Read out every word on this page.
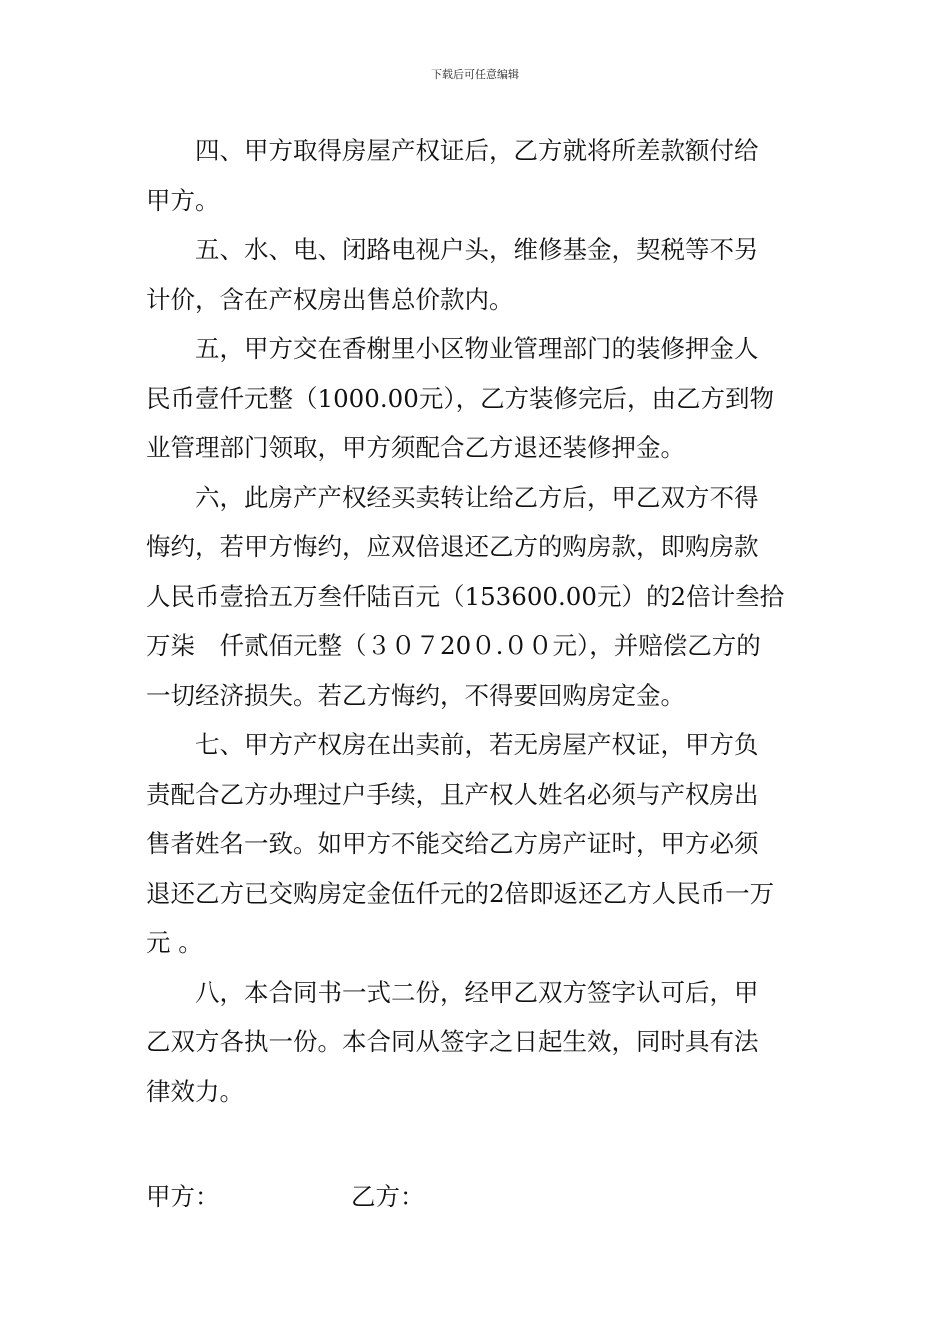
下载后可任意编辑
四、甲方取得房屋产权证后，乙方就将所差款额付给
甲方。
五、水、电、闭路电视户头，维修基金，契税等不另
计价，含在产权房出售总价款内。
五，甲方交在香榭里小区物业管理部门的装修押金人
民币壹仟元整（1000.00元），乙方装修完后，由乙方到物
业管理部门领取，甲方须配合乙方退还装修押金。
六，此房产产权经买卖转让给乙方后，甲乙双方不得
悔约，若甲方悔约，应双倍退还乙方的购房款，即购房款
人民币壹拾五万叁仟陆百元（153600.00元）的2倍计叁拾
万柒　仟贰佰元整（３０７20０.００元），并赔偿乙方的
一切经济损失。若乙方悔约，不得要回购房定金。
七、甲方产权房在出卖前，若无房屋产权证，甲方负
责配合乙方办理过户手续，且产权人姓名必须与产权房出
售者姓名一致。如甲方不能交给乙方房产证时，甲方必须
退还乙方已交购房定金伍仟元的2倍即返还乙方人民币一万
元 。
八，本合同书一式二份，经甲乙双方签字认可后，甲
乙双方各执一份。本合同从签字之日起生效，同时具有法
律效力。
甲方：	乙方：
